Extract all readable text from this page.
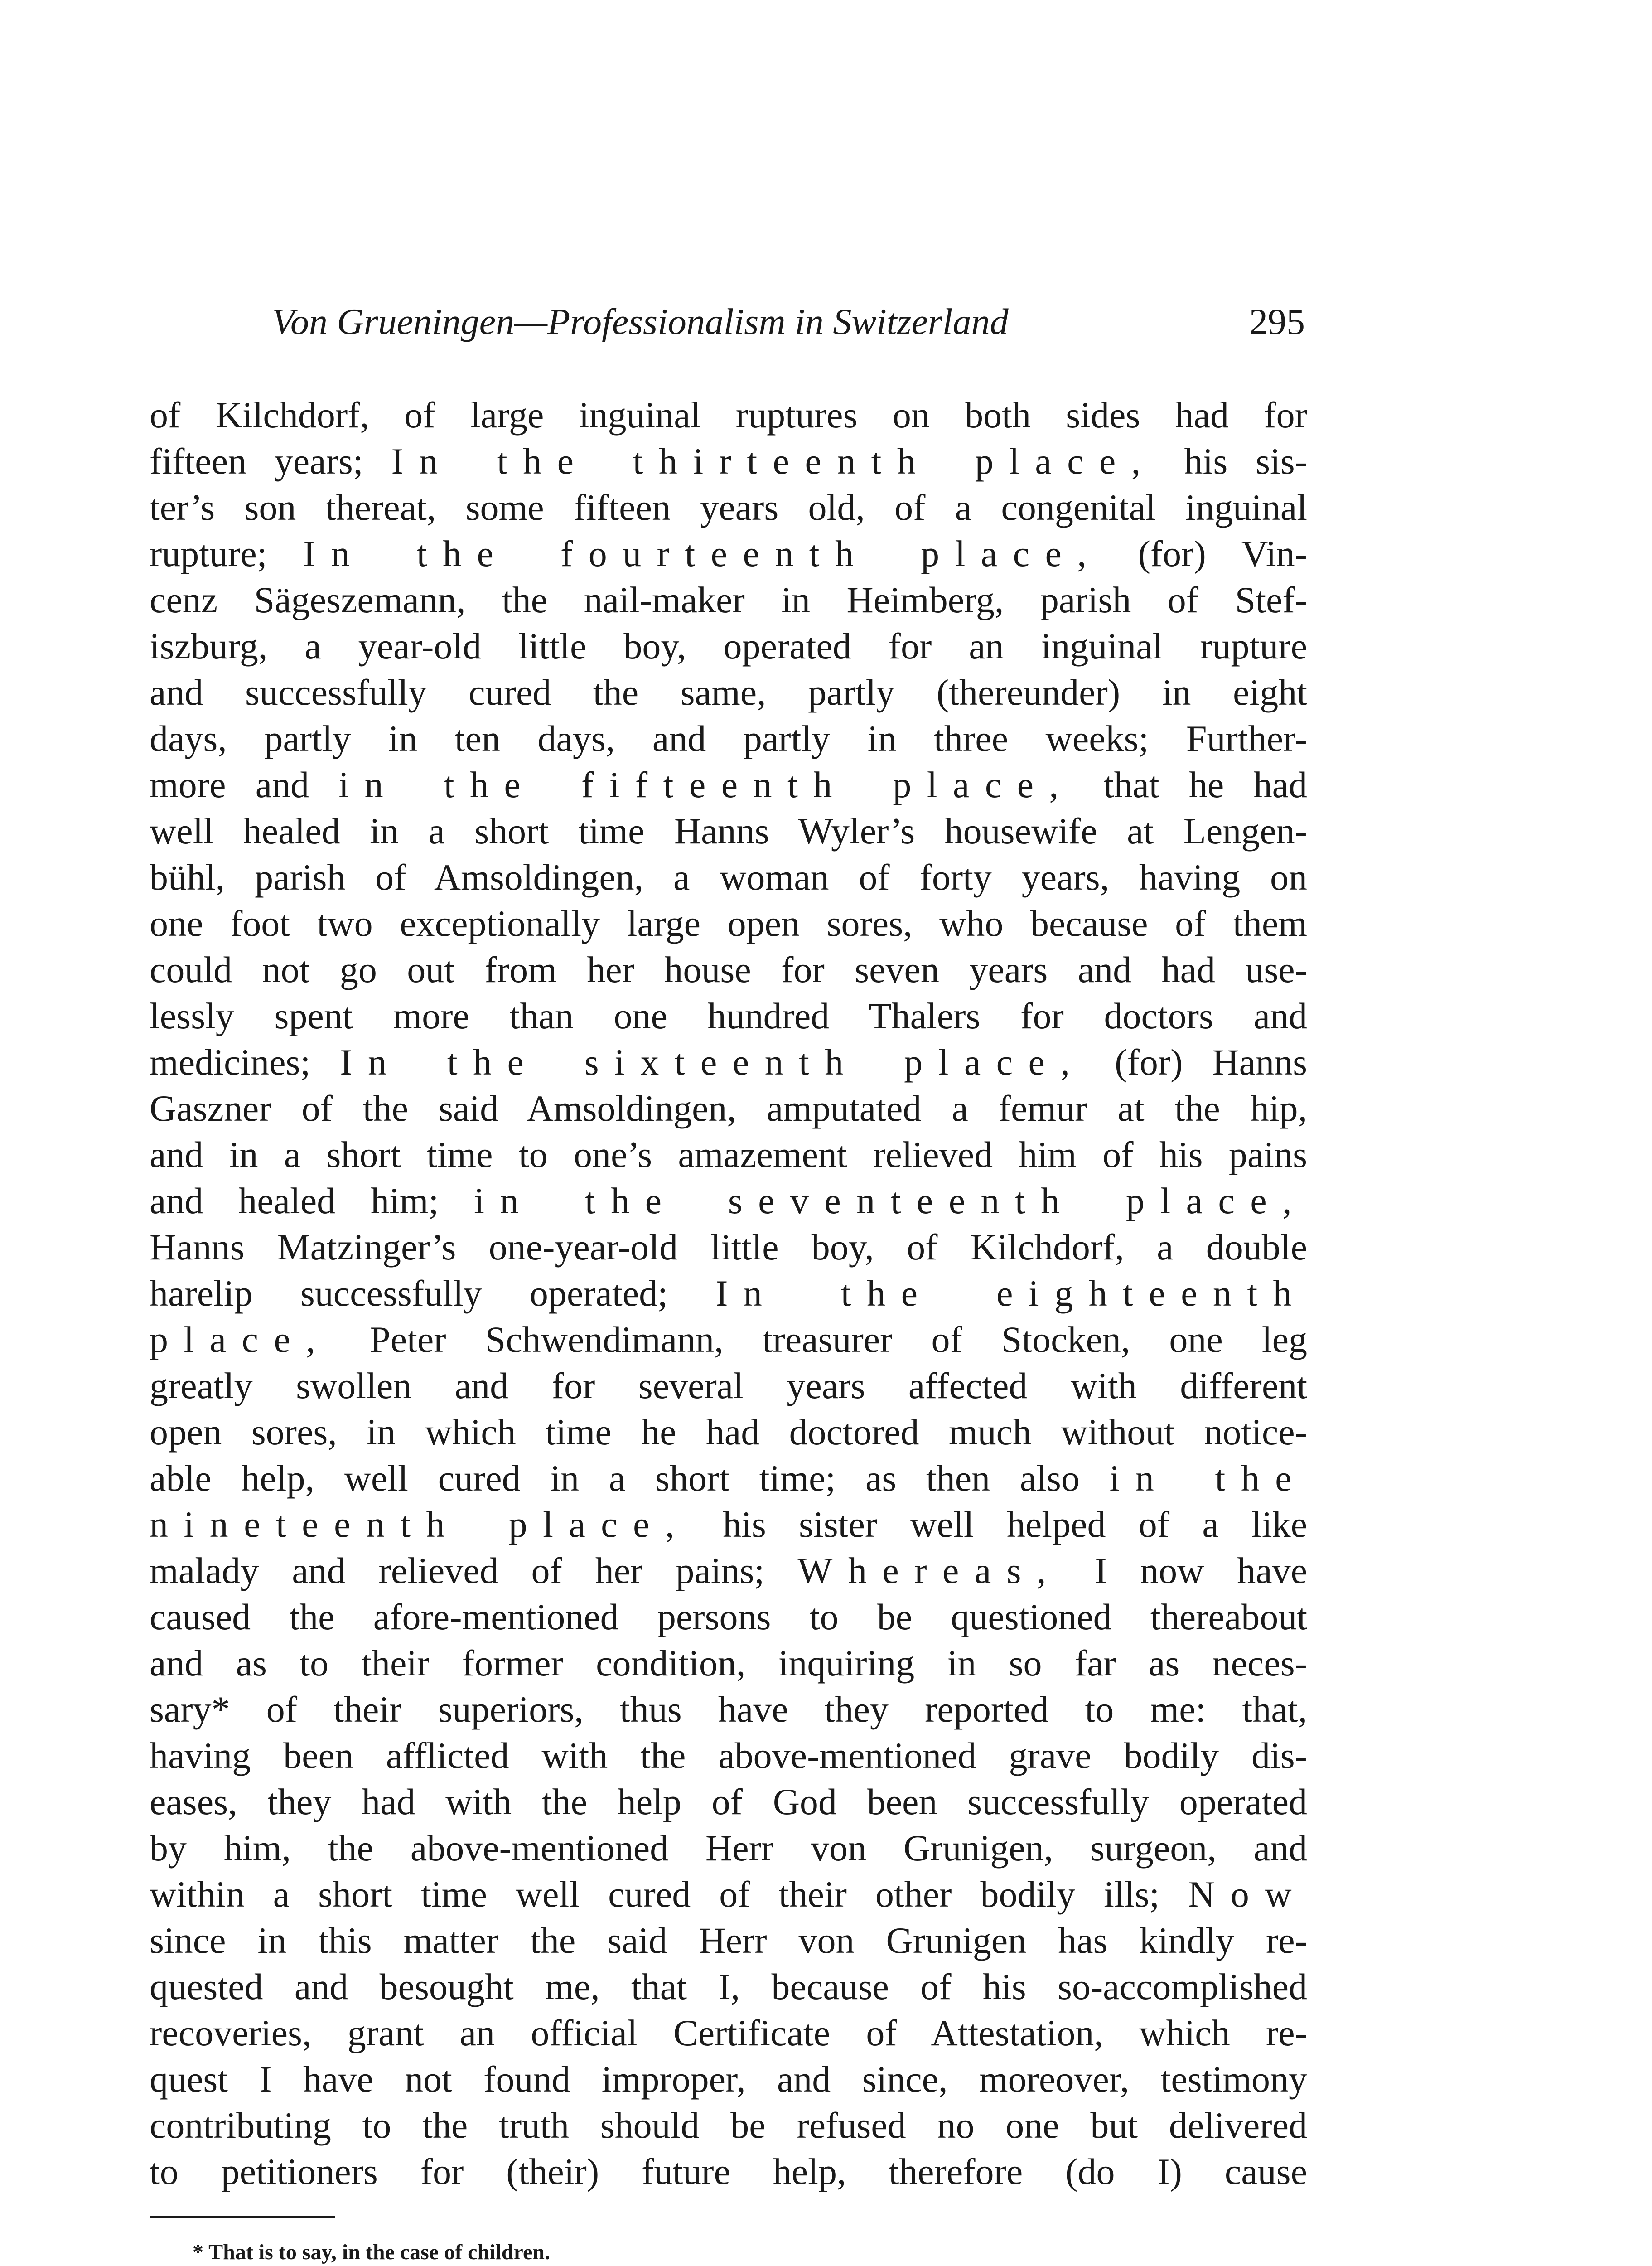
Von Grueningen—Professionalism in Switzerland	295
of Kilchdorf, of large inguinal ruptures on both sides had for
fifteen years; In the thirteenth place, his sis-
ter’s son thereat, some fifteen years old, of a congenital inguinal
rupture; In the fourteenth place, (for) Vin-
cenz Sägeszemann, the nail-maker in Heimberg, parish of Stef-
iszburg, a year-old little boy, operated for an inguinal rupture
and successfully cured the same, partly (thereunder) in eight
days, partly in ten days, and partly in three weeks; Further-
more and in the fifteenth place, that he had
well healed in a short time Hanns Wyler’s housewife at Lengen-
bühl, parish of Amsoldingen, a woman of forty years, having on
one foot two exceptionally large open sores, who because of them
could not go out from her house for seven years and had use-
lessly spent more than one hundred Thalers for doctors and
medicines; In the sixteenth place, (for) Hanns
Gaszner of the said Amsoldingen, amputated a femur at the hip,
and in a short time to one’s amazement relieved him of his pains
and healed him; in the seventeenth place,
Hanns Matzinger’s one-year-old little boy, of Kilchdorf, a double
harelip successfully operated; In the eighteenth
place, Peter Schwendimann, treasurer of Stocken, one leg
greatly swollen and for several years affected with different
open sores, in which time he had doctored much without notice-
able help, well cured in a short time; as then also in the
nineteenth place, his sister well helped of a like
malady and relieved of her pains; Whereas, I now have
caused the afore-mentioned persons to be questioned thereabout
and as to their former condition, inquiring in so far as neces-
sary* of their superiors, thus have they reported to me: that,
having been afflicted with the above-mentioned grave bodily dis-
eases, they had with the help of God been successfully operated
by him, the above-mentioned Herr von Grunigen, surgeon, and
within a short time well cured of their other bodily ills; Now
since in this matter the said Herr von Grunigen has kindly re-
quested and besought me, that I, because of his so-accomplished
recoveries, grant an official Certificate of Attestation, which re-
quest I have not found improper, and since, moreover, testimony
contributing to the truth should be refused no one but delivered
to petitioners for (their) future help, therefore (do I) cause
* That is to say, in the case of children.
